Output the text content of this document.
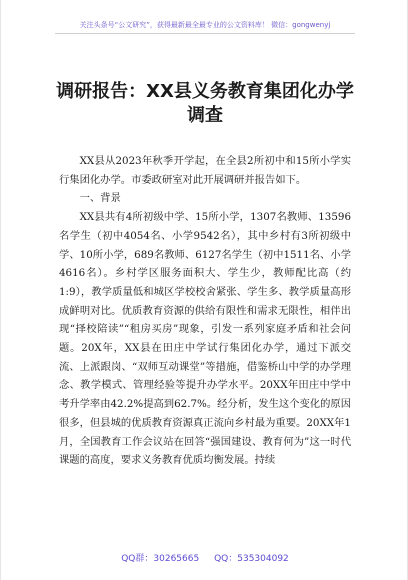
关注头条号“公文研究”，获得最新最全最专业的公文资料库！ 微信：gongwenyj
调研报告：XX县义务教育集团化办学
调查

XX县从2023年秋季开学起，在全县2所初中和15所小学实行集团化办学。市委政研室对此开展调研并报告如下。

一、背景

XX县共有4所初级中学、15所小学，1307名教师、13596名学生（初中4054名、小学9542名），其中乡村有3所初级中学、10所小学，689名教师、6127名学生（初中1511名、小学4616名）。乡村学区服务面积大、学生少，教师配比高（约1:9），教学质量低和城区学校校舍紧张、学生多、教学质量高形成鲜明对比。优质教育资源的供给有限性和需求无限性，相伴出现“择校陪读”“租房买房”现象，引发一系列家庭矛盾和社会问题。20X年，XX县在田庄中学试行集团化办学，通过下派交流、上派跟岗、“双师互动课堂”等措施，借鉴桥山中学的办学理念、教学模式、管理经验等提升办学水平。20XX年田庄中学中考升学率由42.2%提高到62.7%。经分析，发生这个变化的原因很多，但县城的优质教育资源真正流向乡村最为重要。20XX年1月，全国教育工作会议站在回答“强国建设、教育何为”这一时代课题的高度，要求义务教育优质均衡发展。持续

QQ群：30265665 QQ：535304092
